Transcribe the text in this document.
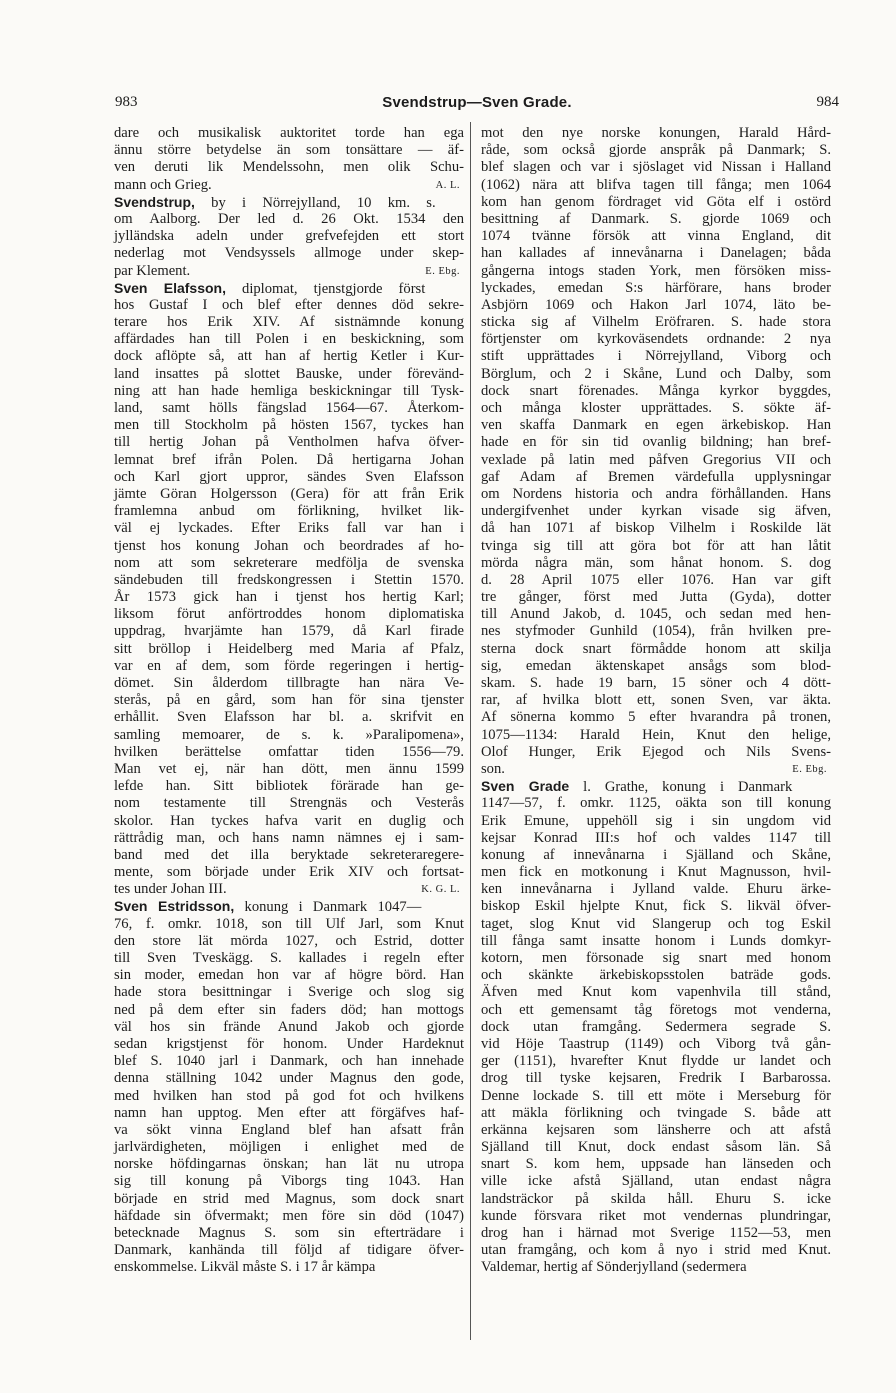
983	Svendstrup—Sven Grade.	984
dare och musikalisk auktoritet torde han ega
ännu större betydelse än som tonsättare — äf-
ven deruti lik Mendelssohn, men olik Schu-
mann och Grieg.	A. L.
Svendstrup, by i Nörrejylland, 10 km. s.
om Aalborg. Der led d. 26 Okt. 1534 den
jylländska adeln under grefvefejden ett stort
nederlag mot Vendsyssels allmoge under skep-
par Klement.	E. Ebg.
Sven Elafsson, diplomat, tjenstgjorde först
hos Gustaf I och blef efter dennes död sekre-
terare hos Erik XIV. Af sistnämnde konung
affärdades han till Polen i en beskickning, som
dock aflöpte så, att han af hertig Ketler i Kur-
land insattes på slottet Bauske, under förevänd-
ning att han hade hemliga beskickningar till Tysk-
land, samt hölls fängslad 1564—67. Återkom-
men till Stockholm på hösten 1567, tyckes han
till hertig Johan på Ventholmen hafva öfver-
lemnat bref ifrån Polen. Då hertigarna Johan
och Karl gjort uppror, sändes Sven Elafsson
jämte Göran Holgersson (Gera) för att från Erik
framlemna anbud om förlikning, hvilket lik-
väl ej lyckades. Efter Eriks fall var han i
tjenst hos konung Johan och beordrades af ho-
nom att som sekreterare medfölja de svenska
sändebuden till fredskongressen i Stettin 1570.
År 1573 gick han i tjenst hos hertig Karl;
liksom förut anförtroddes honom diplomatiska
uppdrag, hvarjämte han 1579, då Karl firade
sitt bröllop i Heidelberg med Maria af Pfalz,
var en af dem, som förde regeringen i hertig-
dömet. Sin ålderdom tillbragte han nära Ve-
sterås, på en gård, som han för sina tjenster
erhållit. Sven Elafsson har bl. a. skrifvit en
samling memoarer, de s. k. »Paralipomena»,
hvilken berättelse omfattar tiden 1556—79.
Man vet ej, när han dött, men ännu 1599
lefde han. Sitt bibliotek förärade han ge-
nom testamente till Strengnäs och Vesterås
skolor. Han tyckes hafva varit en duglig och
rättrådig man, och hans namn nämnes ej i sam-
band med det illa beryktade sekreteraregere-
mente, som började under Erik XIV och fortsat-
tes under Johan III.	K. G. L.
Sven Estridsson, konung i Danmark 1047—
76, f. omkr. 1018, son till Ulf Jarl, som Knut
den store lät mörda 1027, och Estrid, dotter
till Sven Tveskägg. S. kallades i regeln efter
sin moder, emedan hon var af högre börd. Han
hade stora besittningar i Sverige och slog sig
ned på dem efter sin faders död; han mottogs
väl hos sin frände Anund Jakob och gjorde
sedan krigstjenst för honom. Under Hardeknut
blef S. 1040 jarl i Danmark, och han innehade
denna ställning 1042 under Magnus den gode,
med hvilken han stod på god fot och hvilkens
namn han upptog. Men efter att förgäfves haf-
va sökt vinna England blef han afsatt från
jarlvärdigheten, möjligen i enlighet med de
norske höfdingarnas önskan; han lät nu utropa
sig till konung på Viborgs ting 1043. Han
började en strid med Magnus, som dock snart
häfdade sin öfvermakt; men före sin död (1047)
betecknade Magnus S. som sin efterträdare i
Danmark, kanhända till följd af tidigare öfver-
enskommelse. Likväl måste S. i 17 år kämpa
mot den nye norske konungen, Harald Hård-
råde, som också gjorde anspråk på Danmark; S.
blef slagen och var i sjöslaget vid Nissan i Halland
(1062) nära att blifva tagen till fånga; men 1064
kom han genom fördraget vid Göta elf i ostörd
besittning af Danmark. S. gjorde 1069 och
1074 tvänne försök att vinna England, dit
han kallades af innevånarna i Danelagen; båda
gångerna intogs staden York, men försöken miss-
lyckades, emedan S:s härförare, hans broder
Asbjörn 1069 och Hakon Jarl 1074, läto be-
sticka sig af Vilhelm Eröfraren. S. hade stora
förtjenster om kyrkoväsendets ordnande: 2 nya
stift upprättades i Nörrejylland, Viborg och
Börglum, och 2 i Skåne, Lund och Dalby, som
dock snart förenades. Många kyrkor byggdes,
och många kloster upprättades. S. sökte äf-
ven skaffa Danmark en egen ärkebiskop. Han
hade en för sin tid ovanlig bildning; han bref-
vexlade på latin med påfven Gregorius VII och
gaf Adam af Bremen värdefulla upplysningar
om Nordens historia och andra förhållanden. Hans
undergifvenhet under kyrkan visade sig äfven,
då han 1071 af biskop Vilhelm i Roskilde lät
tvinga sig till att göra bot för att han låtit
mörda några män, som hånat honom. S. dog
d. 28 April 1075 eller 1076. Han var gift
tre gånger, först med Jutta (Gyda), dotter
till Anund Jakob, d. 1045, och sedan med hen-
nes styfmoder Gunhild (1054), från hvilken pre-
sterna dock snart förmådde honom att skilja
sig, emedan äktenskapet ansågs som blod-
skam. S. hade 19 barn, 15 söner och 4 dött-
rar, af hvilka blott ett, sonen Sven, var äkta.
Af sönerna kommo 5 efter hvarandra på tronen,
1075—1134: Harald Hein, Knut den helige,
Olof Hunger, Erik Ejegod och Nils Svens-
son.	E. Ebg.
Sven Grade l. Grathe, konung i Danmark
1147—57, f. omkr. 1125, oäkta son till konung
Erik Emune, uppehöll sig i sin ungdom vid
kejsar Konrad III:s hof och valdes 1147 till
konung af innevånarna i Själland och Skåne,
men fick en motkonung i Knut Magnusson, hvil-
ken innevånarna i Jylland valde. Ehuru ärke-
biskop Eskil hjelpte Knut, fick S. likväl öfver-
taget, slog Knut vid Slangerup och tog Eskil
till fånga samt insatte honom i Lunds domkyr-
kotorn, men försonade sig snart med honom
och skänkte ärkebiskopsstolen baträde gods.
Äfven med Knut kom vapenhvila till stånd,
och ett gemensamt tåg företogs mot venderna,
dock utan framgång. Sedermera segrade S.
vid Höje Taastrup (1149) och Viborg två gån-
ger (1151), hvarefter Knut flydde ur landet och
drog till tyske kejsaren, Fredrik I Barbarossa.
Denne lockade S. till ett möte i Merseburg för
att mäkla förlikning och tvingade S. både att
erkänna kejsaren som länsherre och att afstå
Själland till Knut, dock endast såsom län. Så
snart S. kom hem, uppsade han länseden och
ville icke afstå Själland, utan endast några
landsträckor på skilda håll. Ehuru S. icke
kunde försvara riket mot vendernas plundringar,
drog han i härnad mot Sverige 1152—53, men
utan framgång, och kom å nyo i strid med Knut.
Valdemar, hertig af Sönderjylland (sedermera
